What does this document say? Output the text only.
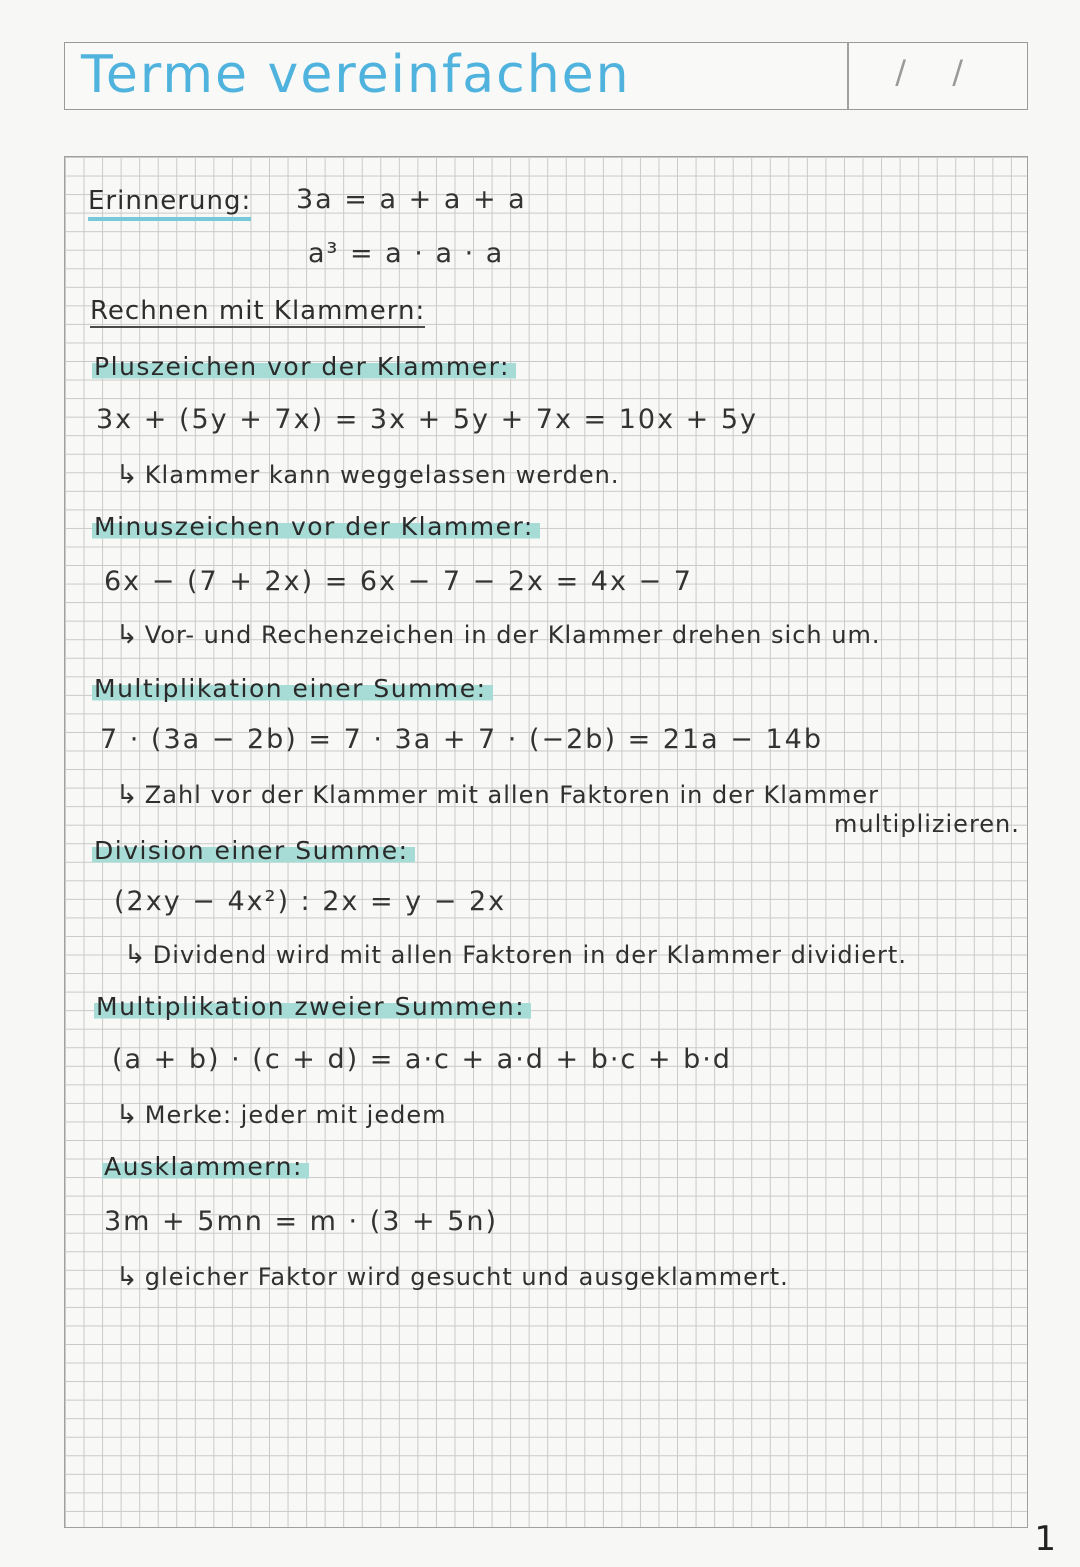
Terme vereinfachen	/ /
Erinnerung: 3a = a + a + a
a³ = a · a · a
Rechnen mit Klammern:
Pluszeichen vor der Klammer:
3x + (5y + 7x) = 3x + 5y + 7x = 10x + 5y
↳ Klammer kann weggelassen werden.
Minuszeichen vor der Klammer:
6x − (7 + 2x) = 6x − 7 − 2x = 4x − 7
↳ Vor- und Rechenzeichen in der Klammer drehen sich um.
Multiplikation einer Summe:
7 · (3a − 2b) = 7 · 3a + 7 · (−2b) = 21a − 14b
↳ Zahl vor der Klammer mit allen Faktoren in der Klammer
multiplizieren.
Division einer Summe:
(2xy − 4x²) : 2x = y − 2x
↳ Dividend wird mit allen Faktoren in der Klammer dividiert.
Multiplikation zweier Summen:
(a + b) · (c + d) = a·c + a·d + b·c + b·d
↳ Merke: jeder mit jedem
Ausklammern:
3m + 5mn = m · (3 + 5n)
↳ gleicher Faktor wird gesucht und ausgeklammert.
1
